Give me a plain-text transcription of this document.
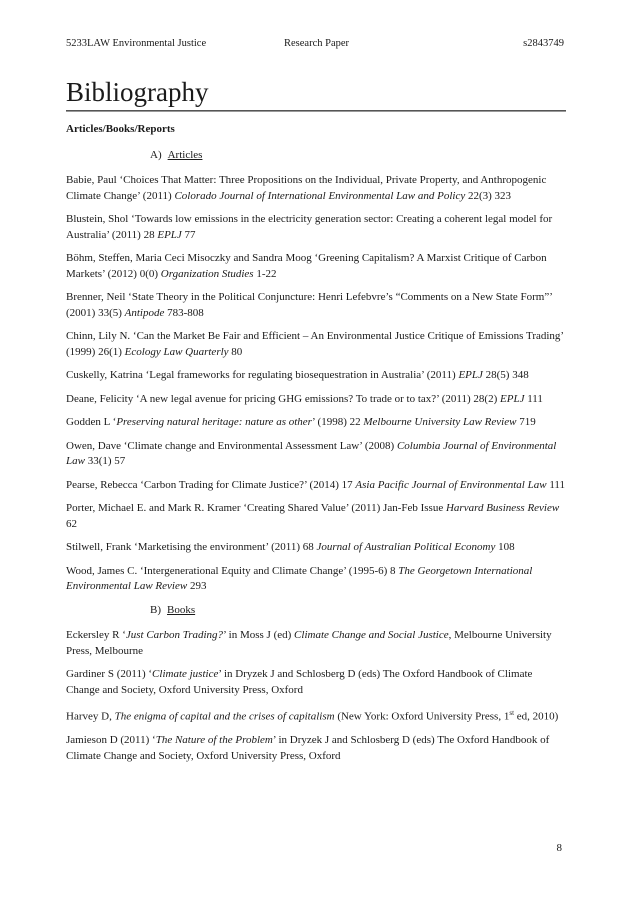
5233LAW Environmental Justice	Research Paper	s2843749
Bibliography

Articles/Books/Reports

A) Articles

Babie, Paul ‘Choices That Matter: Three Propositions on the Individual, Private Property, and Anthropogenic Climate Change’ (2011) Colorado Journal of International Environmental Law and Policy 22(3) 323

Blustein, Shol ‘Towards low emissions in the electricity generation sector: Creating a coherent legal model for Australia’ (2011) 28 EPLJ 77

Böhm, Steffen, Maria Ceci Misoczky and Sandra Moog ‘Greening Capitalism? A Marxist Critique of Carbon Markets’ (2012) 0(0) Organization Studies 1-22

Brenner, Neil ‘State Theory in the Political Conjuncture: Henri Lefebvre’s “Comments on a New State Form”’ (2001) 33(5) Antipode 783-808

Chinn, Lily N. ‘Can the Market Be Fair and Efficient – An Environmental Justice Critique of Emissions Trading’ (1999) 26(1) Ecology Law Quarterly 80

Cuskelly, Katrina ‘Legal frameworks for regulating biosequestration in Australia’ (2011) EPLJ 28(5) 348

Deane, Felicity ‘A new legal avenue for pricing GHG emissions? To trade or to tax?’ (2011) 28(2) EPLJ 111

Godden L ‘Preserving natural heritage: nature as other’ (1998) 22 Melbourne University Law Review 719

Owen, Dave ‘Climate change and Environmental Assessment Law’ (2008) Columbia Journal of Environmental Law 33(1) 57

Pearse, Rebecca ‘Carbon Trading for Climate Justice?’ (2014) 17 Asia Pacific Journal of Environmental Law 111

Porter, Michael E. and Mark R. Kramer ‘Creating Shared Value’ (2011) Jan-Feb Issue Harvard Business Review 62

Stilwell, Frank ‘Marketising the environment’ (2011) 68 Journal of Australian Political Economy 108

Wood, James C. ‘Intergenerational Equity and Climate Change’ (1995-6) 8 The Georgetown International Environmental Law Review 293

B) Books

Eckersley R ‘Just Carbon Trading?’ in Moss J (ed) Climate Change and Social Justice, Melbourne University Press, Melbourne

Gardiner S (2011) ‘Climate justice’ in Dryzek J and Schlosberg D (eds) The Oxford Handbook of Climate Change and Society, Oxford University Press, Oxford

Harvey D, The enigma of capital and the crises of capitalism (New York: Oxford University Press, 1st ed, 2010)

Jamieson D (2011) ‘The Nature of the Problem’ in Dryzek J and Schlosberg D (eds) The Oxford Handbook of Climate Change and Society, Oxford University Press, Oxford

8
